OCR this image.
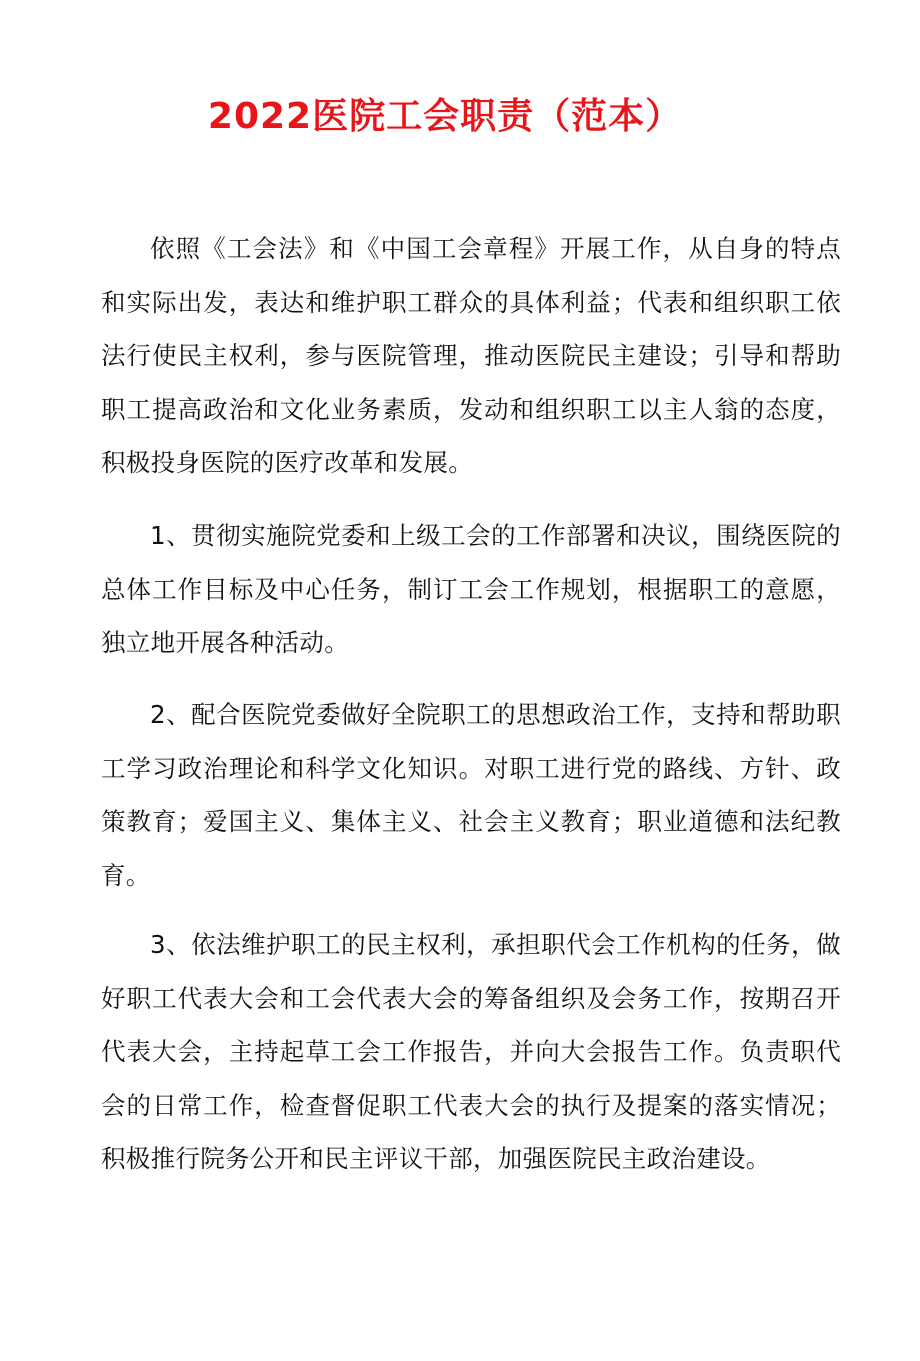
2022医院工会职责（范本）

依照《工会法》和《中国工会章程》开展工作，从自身的特点和实际出发，表达和维护职工群众的具体利益；代表和组织职工依法行使民主权利，参与医院管理，推动医院民主建设；引导和帮助职工提高政治和文化业务素质，发动和组织职工以主人翁的态度，积极投身医院的医疗改革和发展。

1、贯彻实施院党委和上级工会的工作部署和决议，围绕医院的总体工作目标及中心任务，制订工会工作规划，根据职工的意愿，独立地开展各种活动。

2、配合医院党委做好全院职工的思想政治工作，支持和帮助职工学习政治理论和科学文化知识。对职工进行党的路线、方针、政策教育；爱国主义、集体主义、社会主义教育；职业道德和法纪教育。

3、依法维护职工的民主权利，承担职代会工作机构的任务，做好职工代表大会和工会代表大会的筹备组织及会务工作，按期召开代表大会，主持起草工会工作报告，并向大会报告工作。负责职代会的日常工作，检查督促职工代表大会的执行及提案的落实情况；积极推行院务公开和民主评议干部，加强医院民主政治建设。
